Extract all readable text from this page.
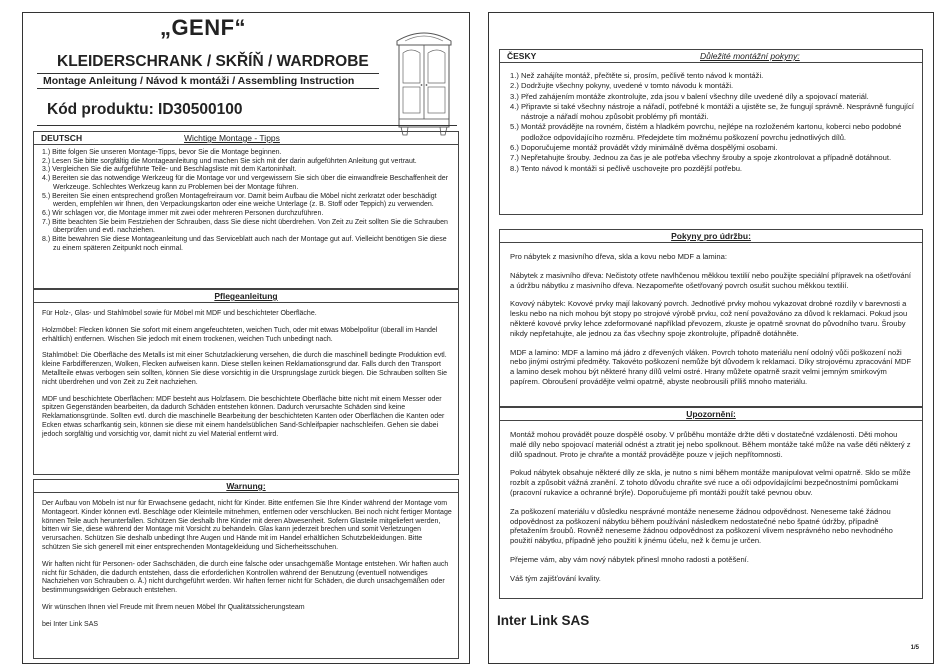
„GENF“
KLEIDERSCHRANK / SKŘÍŇ / WARDROBE
Montage Anleitung / Návod k montáži / Assembling Instruction
Kód produktu: ID30500100
DEUTSCH	Wichtige Montage - Tipps
1.) Bitte folgen Sie unseren Montage-Tipps, bevor Sie die Montage beginnen.
2.) Lesen Sie bitte sorgfältig die Montageanleitung und machen Sie sich mit der darin aufgeführten Anleitung gut vertraut.
3.) Vergleichen Sie die aufgeführte Teile- und Beschlagsliste mit dem Kartoninhalt.
4.) Bereiten sie das notwendige Werkzeug für die Montage vor und vergewissern Sie sich über die einwandfreie Beschaffenheit der Werkzeuge. Schlechtes Werkzeug kann zu Problemen bei der Montage führen.
5.) Bereiten Sie einen entsprechend großen Montagefreiraum vor. Damit beim Aufbau die Möbel nicht zerkratzt oder beschädigt werden, empfehlen wir Ihnen, den Verpackungskarton oder eine weiche Unterlage (z. B. Stoff oder Teppich) zu verwenden.
6.) Wir schlagen vor, die Montage immer mit zwei oder mehreren Personen durchzuführen.
7.) Bitte beachten Sie beim Festziehen der Schrauben, dass Sie diese nicht überdrehen. Von Zeit zu Zeit sollten Sie die Schrauben überprüfen und evtl. nachziehen.
8.) Bitte bewahren Sie diese Montageanleitung und das Serviceblatt auch nach der Montage gut auf. Vielleicht benötigen Sie diese zu einem späteren Zeitpunkt noch einmal.
Pflegeanleitung

Für Holz-, Glas- und Stahlmöbel sowie für Möbel mit MDF und beschichteter Oberfläche.

Holzmöbel: Flecken können Sie sofort mit einem angefeuchteten, weichen Tuch, oder mit etwas Möbelpolitur (überall im Handel erhältlich) entfernen. Wischen Sie jedoch mit einem trockenen, weichen Tuch unbedingt nach.

Stahlmöbel: Die Oberfläche des Metalls ist mit einer Schutzlackierung versehen, die durch die maschinell bedingte Produktion evtl. kleine Farbdifferenzen, Wolken, Flecken aufweisen kann. Diese stellen keinen Reklamationsgrund dar. Falls durch den Transport Metallteile etwas verbogen sein sollten, können Sie diese vorsichtig in die Ursprungslage zurück biegen. Die Schrauben sollten Sie nicht überdrehen und von Zeit zu Zeit nachziehen.

MDF und beschichtete Oberflächen: MDF besteht aus Holzfasern. Die beschichtete Oberfläche bitte nicht mit einem Messer oder spitzen Gegenständen bearbeiten, da dadurch Schäden entstehen können. Dadurch verursachte Schäden sind keine Reklamationsgründe. Sollten evtl. durch die maschinelle Bearbeitung der beschichteten Kanten oder Oberflächen die Kanten oder Ecken etwas scharfkantig sein, können sie diese mit einem handelsüblichen Sand-Schleifpapier nachschleifen. Gehen sie dabei jedoch sorgfältig und vorsichtig vor, damit nicht zu viel Material entfernt wird.

Warnung:

Der Aufbau von Möbeln ist nur für Erwachsene gedacht, nicht für Kinder. Bitte entfernen Sie Ihre Kinder während der Montage vom Montageort. Kinder können evtl. Beschläge oder Kleinteile mitnehmen, entfernen oder verschlucken. Bei noch nicht fertiger Montage können Teile auch herunterfallen. Schützen Sie deshalb Ihre Kinder mit deren Abwesenheit. Sofern Glasteile mitgeliefert werden, bitten wir Sie, diese während der Montage mit Vorsicht zu behandeln. Glas kann jederzeit brechen und somit Verletzungen verursachen. Schützen Sie deshalb unbedingt Ihre Augen und Hände mit im Handel erhältlichen Schutzbekleidungen. Bitte schützen Sie sich generell mit einer entsprechenden Montagekleidung und Sicherheitsschuhen.

Wir haften nicht für Personen- oder Sachschäden, die durch eine falsche oder unsachgemäße Montage entstehen. Wir haften auch nicht für Schäden, die dadurch entstehen, dass die erforderlichen Kontrollen während der Benutzung (eventuell notwendiges Nachziehen von Schrauben o. Ä.) nicht durchgeführt werden. Wir haften ferner nicht für Schäden, die durch unsachgemäßen oder bestimmungswidrigen Gebrauch entstehen.

Wir wünschen Ihnen viel Freude mit Ihrem neuen Möbel Ihr Qualitätssicherungsteam

bei Inter Link SAS

ČESKY	Důležité montážní pokyny:
1.) Než zahájíte montáž, přečtěte si, prosím, pečlivě tento návod k montáži.
2.) Dodržujte všechny pokyny, uvedené v tomto návodu k montáži.
3.) Před zahájením montáže zkontrolujte, zda jsou v balení všechny díle uvedené díly a spojovací materiál.
4.) Připravte si také všechny nástroje a nářadí, potřebné k montáži a ujistěte se, že fungují správně. Nesprávně fungující nástroje a nářadí mohou způsobit problémy při montáži.
5.) Montáž provádějte na rovném, čistém a hladkém povrchu, nejlépe na rozloženém kartonu, koberci nebo podobné podložce odpovídajícího rozměru. Předejdete tím možnému poškození povrchu jednotlivých dílů.
6.) Doporučujeme montáž provádět vždy minimálně dvěma dospělými osobami.
7.) Nepřetahujte šrouby. Jednou za čas je ale potřeba všechny šrouby a spoje zkontrolovat a případně dotáhnout.
8.) Tento návod k montáži si pečlivě uschovejte pro pozdější potřebu.
Pokyny pro údržbu:

Pro nábytek z masivního dřeva, skla a kovu nebo MDF a lamina:

Nábytek z masivního dřeva: Nečistoty otřete navlhčenou měkkou textilií nebo použijte speciální přípravek na ošetřování a údržbu nábytku z masivního dřeva. Nezapomeňte ošetřovaný povrch osušit suchou měkkou textilií.

Kovový nábytek: Kovové prvky mají lakovaný povrch. Jednotlivé prvky mohou vykazovat drobné rozdíly v barevnosti a lesku nebo na nich mohou být stopy po strojové výrobě prvku, což není považováno za důvod k reklamaci. Pokud jsou některé kovové prvky lehce zdeformované například převozem, zkuste je opatrně srovnat do původního tvaru. Šrouby nikdy nepřetahujte, ale jednou za čas všechny spoje zkontrolujte, případně dotáhněte.

MDF a lamino: MDF a lamino má jádro z dřevených vláken. Povrch tohoto materiálu není odolný vůči poškození noži nebo jinými ostrými předměty. Takovéto poškození nemůže být důvodem k reklamaci. Díky strojovému zpracování MDF a lamino desek mohou být některé hrany dílů velmi ostré. Hrany můžete opatrně srazit velmi jemným smirkovým papírem. Obroušení provádějte velmi opatrně, abyste neobrousili příliš mnoho materiálu.

Upozornění:

Montáž mohou provádět pouze dospělé osoby. V průběhu montáže držte děti v dostatečné vzdálenosti. Děti mohou malé díly nebo spojovací materiál odnést a ztratit jej nebo spolknout. Během montáže také může na vaše děti některý z dílů spadnout. Proto je chraňte a montáž provádějte pouze v jejich nepřítomnosti.

Pokud nábytek obsahuje některé díly ze skla, je nutno s nimi během montáže manipulovat velmi opatrně. Sklo se může rozbít a způsobit vážná zranění. Z tohoto důvodu chraňte své ruce a oči odpovídajícími bezpečnostními pomůckami (pracovní rukavice a ochranné brýle). Doporučujeme při montáži použít také pevnou obuv.

Za poškození materiálu v důsledku nesprávné montáže neneseme žádnou odpovědnost. Neneseme také žádnou odpovědnost za poškození nábytku během používání následkem nedostatečné nebo špatné údržby, případně přetažením šroubů. Rovněž neneseme žádnou odpovědnost za poškození vlivem nesprávného nebo nevhodného použití nábytku, případně jeho použití k jinému účelu, než k čemu je určen.

Přejeme vám, aby vám nový nábytek přinesl mnoho radosti a potěšení.

Váš tým zajišťování kvality.

Inter Link SAS
1/5
